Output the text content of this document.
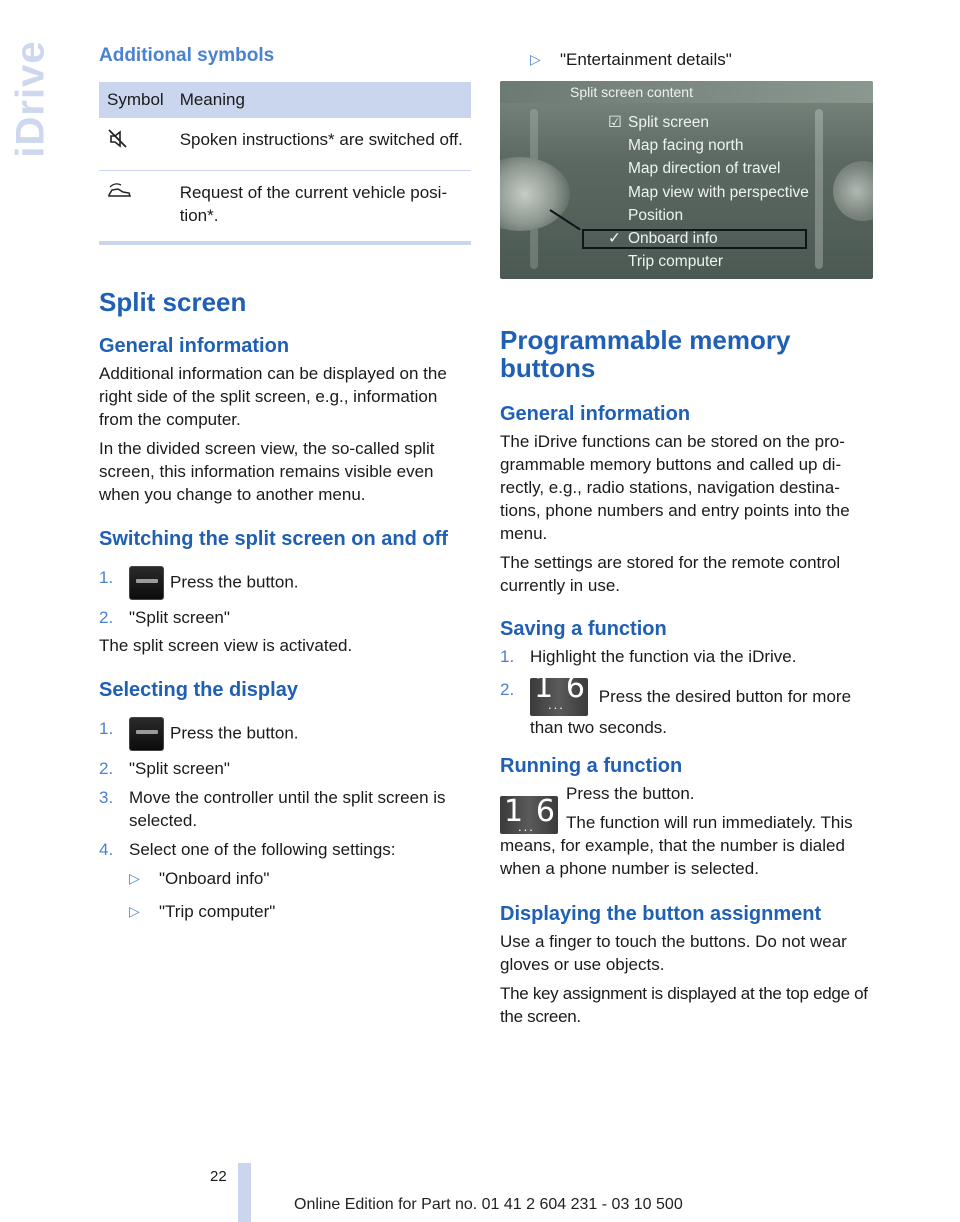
iDrive Additional symbols
Symbol	Meaning
	Spoken instructions* are switched off.
	Request of the current vehicle posi-tion*.
Split screen
General information

Additional information can be displayed on the right side of the split screen, e.g., information from the computer.

In the divided screen view, the so-called split screen, this information remains visible even when you change to another menu.

Switching the split screen on and off
1.	Press the button.
2. "Split screen"

The split screen view is activated.

Selecting the display
1.	Press the button.
2. "Split screen"
3. Move the controller until the split screen is selected.
4. Select one of the following settings:
▷ "Onboard info"
▷ "Trip computer"
▷ "Entertainment details"
Split screen content
☑ Split screen
Map facing north
Map direction of travel
Map view with perspective
Position
✓ Onboard info
Trip computer
Programmable memory buttons
General information

The iDrive functions can be stored on the pro-grammable memory buttons and called up di-rectly, e.g., radio stations, navigation destina-tions, phone numbers and entry points into the menu.

The settings are stored for the remote control currently in use.

Saving a function
1. Highlight the function via the iDrive.
2. 1
... 6 Press the desired button for more than two seconds.
Running a function
1
... 6

Press the button.

The function will run immediately. This means, for example, that the number is dialed when a phone number is selected.

Displaying the button assignment

Use a finger to touch the buttons. Do not wear gloves or use objects.

The key assignment is displayed at the top edge of the screen.

22
Online Edition for Part no. 01 41 2 604 231 - 03 10 500
